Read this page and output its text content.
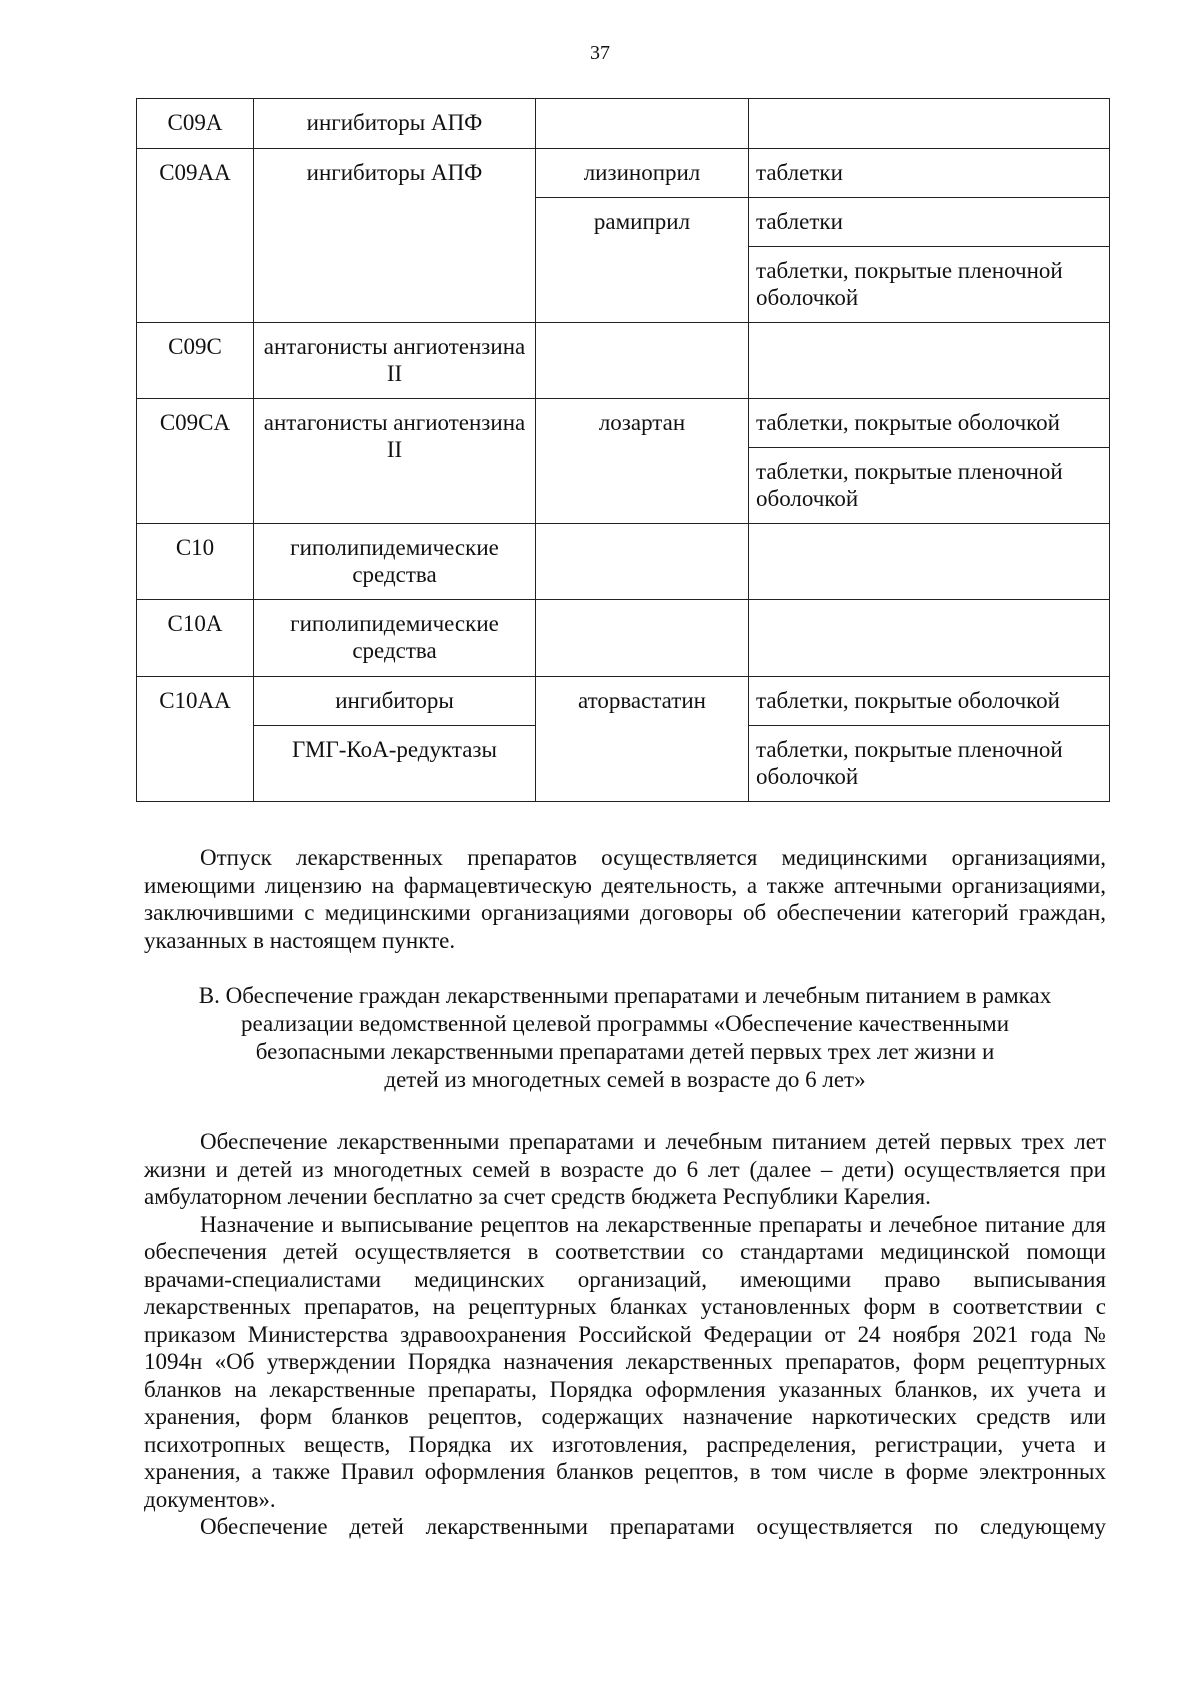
37
C09A	ингибиторы АПФ		
C09AA	ингибиторы АПФ	лизиноприл	таблетки
		рамиприл	таблетки
			таблетки, покрытые пленочной оболочкой
C09C	антагонисты ангиотензина II		
C09CA	антагонисты ангиотензина II	лозартан	таблетки, покрытые оболочкой
			таблетки, покрытые пленочной оболочкой
C10	гиполипидемические средства		
C10A	гиполипидемические средства		
C10AA	ингибиторы	аторвастатин	таблетки, покрытые оболочкой
	ГМГ-КоА-редуктазы		таблетки, покрытые пленочной оболочкой

Отпуск лекарственных препаратов осуществляется медицинскими организациями, имеющими лицензию на фармацевтическую деятельность, а также аптечными организациями, заключившими с медицинскими организациями договоры об обеспечении категорий граждан, указанных в настоящем пункте.

В. Обеспечение граждан лекарственными препаратами и лечебным питанием в рамках
реализации ведомственной целевой программы «Обеспечение качественными
безопасными лекарственными препаратами детей первых трех лет жизни и
детей из многодетных семей в возрасте до 6 лет»

Обеспечение лекарственными препаратами и лечебным питанием детей первых трех лет жизни и детей из многодетных семей в возрасте до 6 лет (далее – дети) осуществляется при амбулаторном лечении бесплатно за счет средств бюджета Республики Карелия.

Назначение и выписывание рецептов на лекарственные препараты и лечебное питание для обеспечения детей осуществляется в соответствии со стандартами медицинской помощи врачами-специалистами медицинских организаций, имеющими право выписывания лекарственных препаратов, на рецептурных бланках установленных форм в соответствии с приказом Министерства здравоохранения Российской Федерации от 24 ноября 2021 года № 1094н «Об утверждении Порядка назначения лекарственных препаратов, форм рецептурных бланков на лекарственные препараты, Порядка оформления указанных бланков, их учета и хранения, форм бланков рецептов, содержащих назначение наркотических средств или психотропных веществ, Порядка их изготовления, распределения, регистрации, учета и хранения, а также Правил оформления бланков рецептов, в том числе в форме электронных документов».

Обеспечение детей лекарственными препаратами осуществляется по следующему
